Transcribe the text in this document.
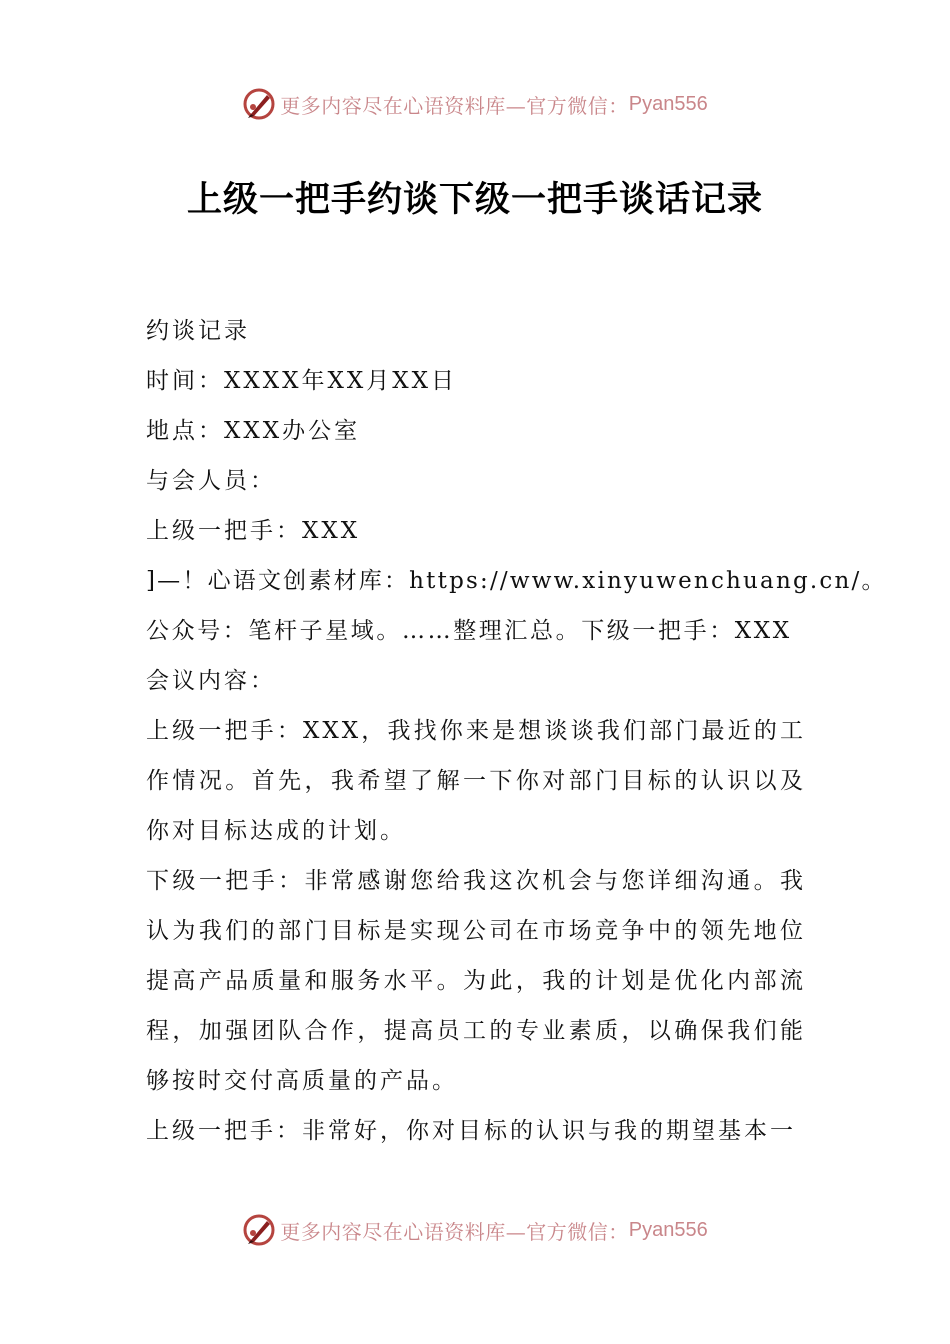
更多内容尽在心语资料库—官方微信： Pyan556
上级一把手约谈下级一把手谈话记录

约谈记录

时间：XXXX年XX月XX日

地点：XXX办公室

与会人员：

上级一把手：XXX

]—！心语文创素材库：https://www.xinyuwenchuang.cn/。

公众号：笔杆子星域。……整理汇总。下级一把手：XXX

会议内容：

上级一把手：XXX，我找你来是想谈谈我们部门最近的工作情况。首先，我希望了解一下你对部门目标的认识以及你对目标达成的计划。

下级一把手：非常感谢您给我这次机会与您详细沟通。我认为我们的部门目标是实现公司在市场竞争中的领先地位提高产品质量和服务水平。为此，我的计划是优化内部流程，加强团队合作，提高员工的专业素质，以确保我们能够按时交付高质量的产品。

上级一把手：非常好，你对目标的认识与我的期望基本一

更多内容尽在心语资料库—官方微信： Pyan556
